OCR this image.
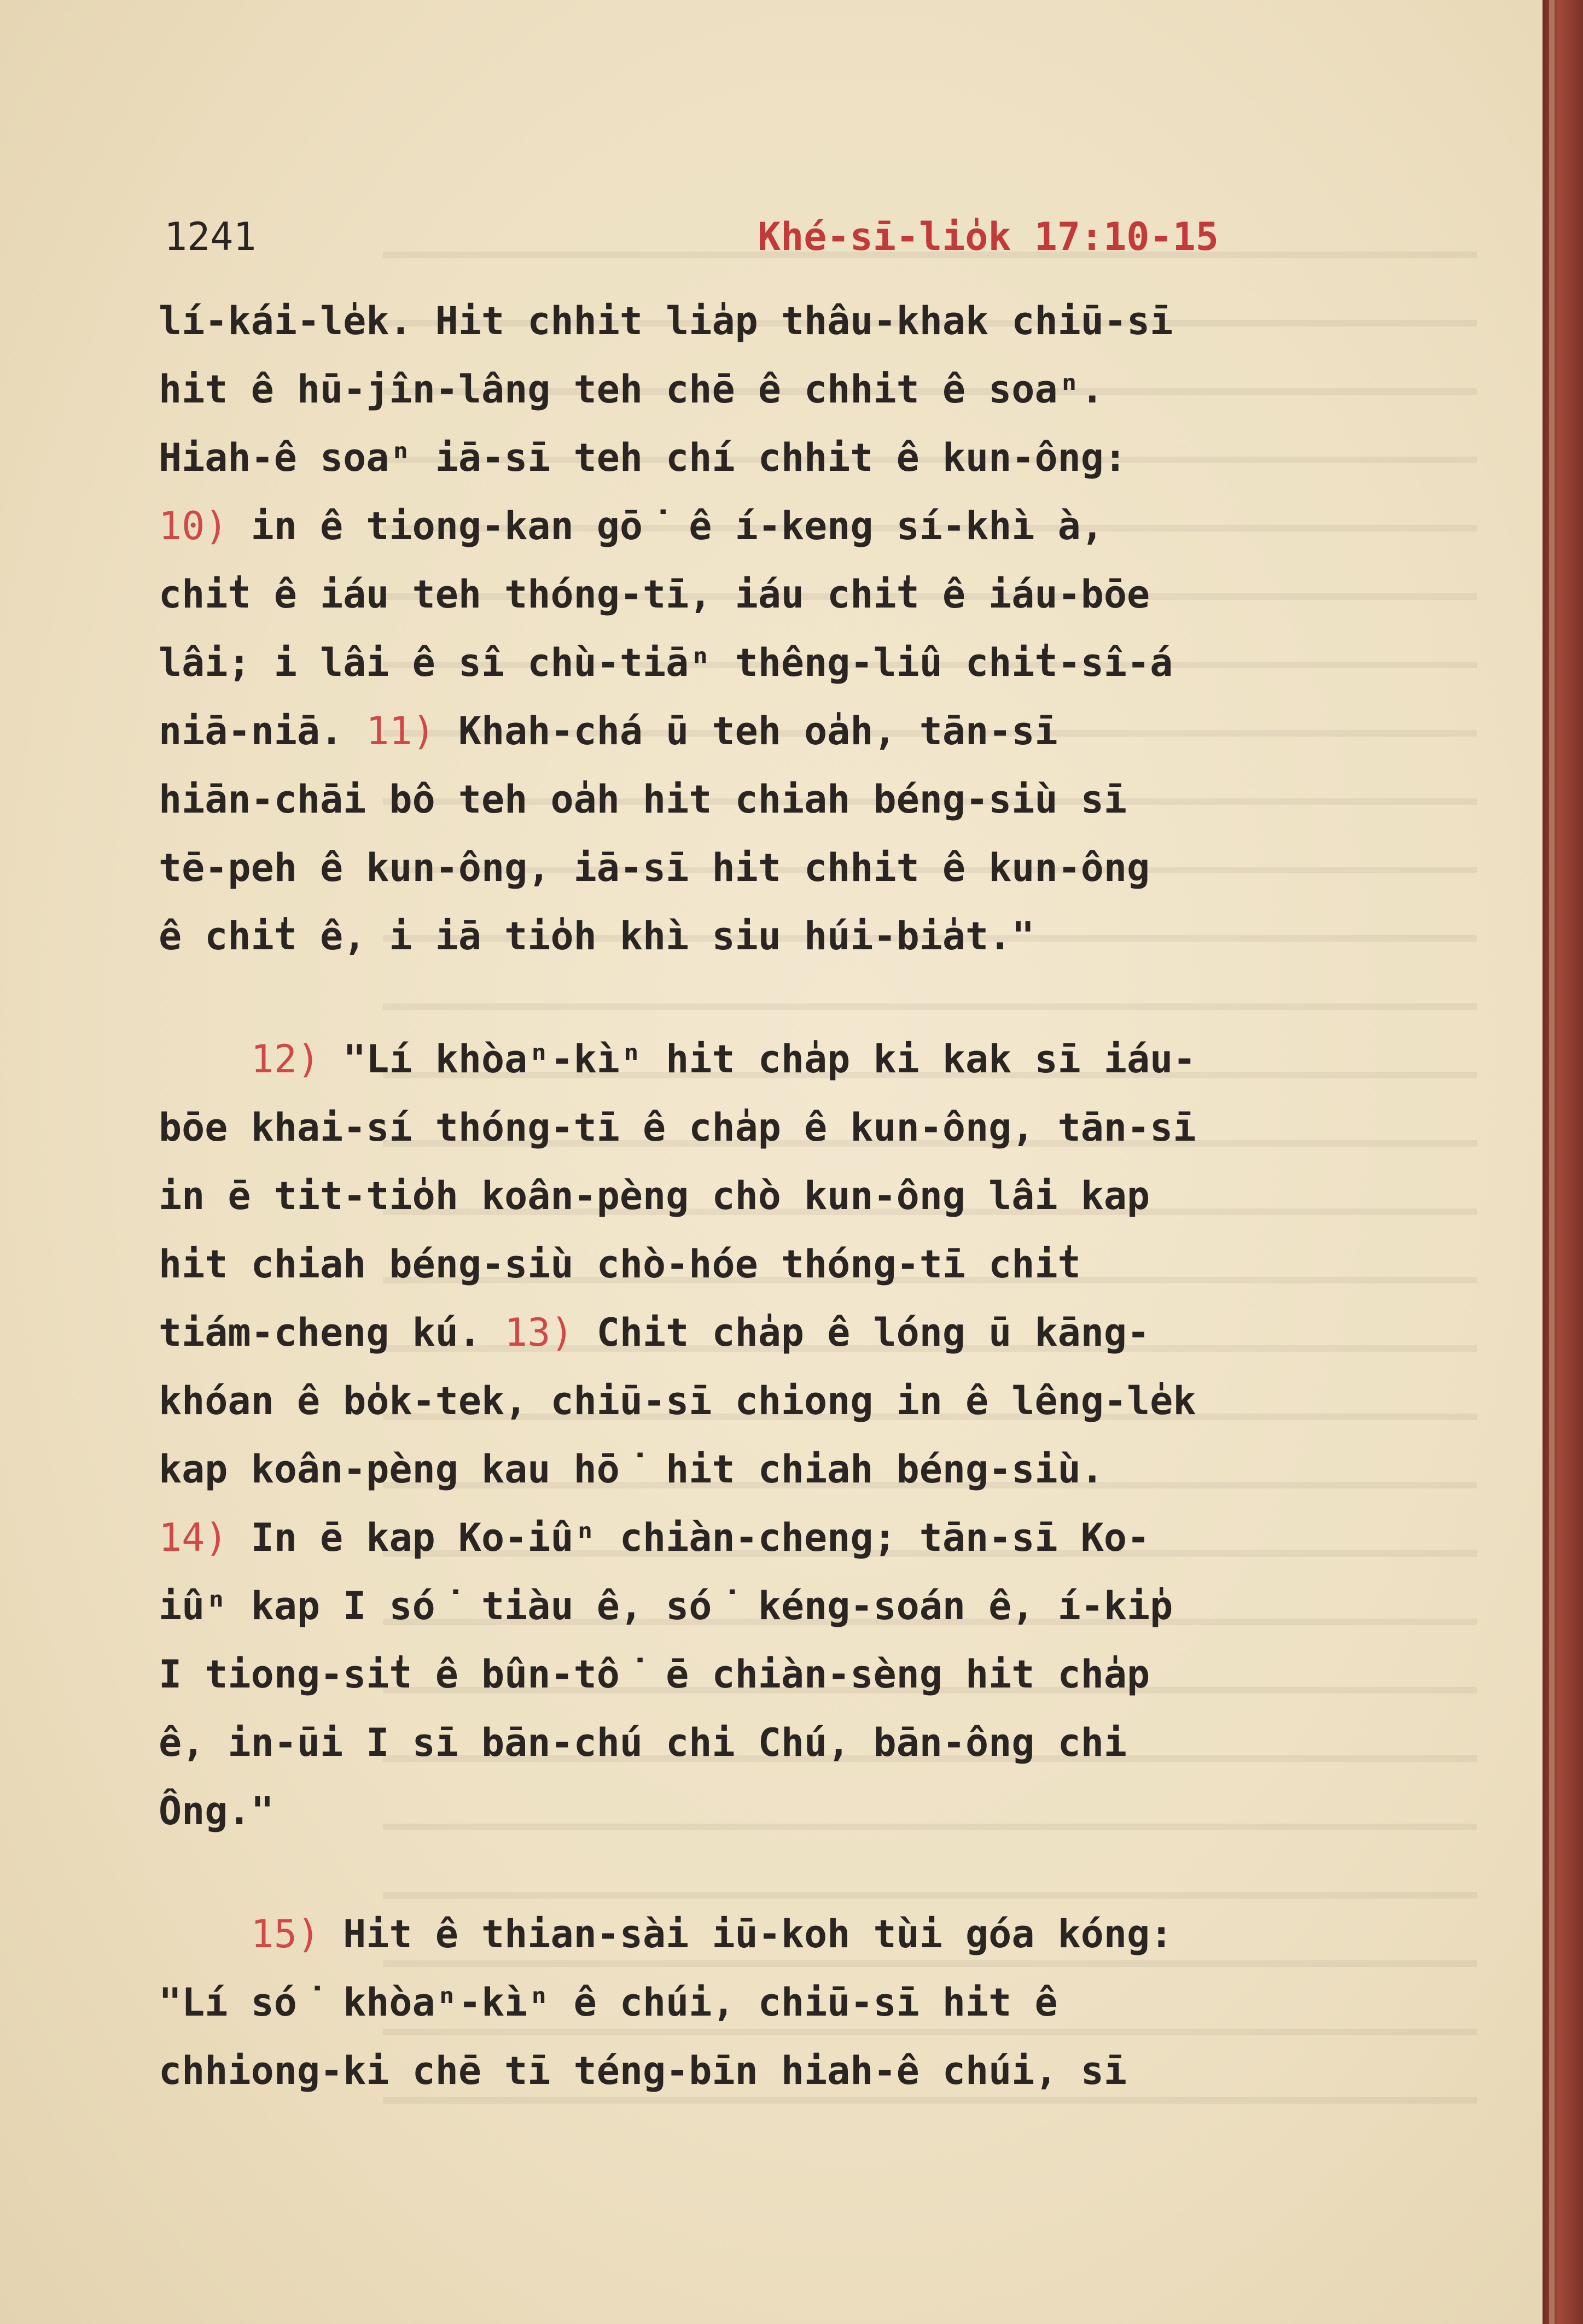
1241	Khé-sī-lio̍k 17:10-15
lí-kái-le̍k. Hit chhit lia̍p thâu-khak chiū-sī
hit ê hū-jîn-lâng teh chē ê chhit ê soaⁿ.
Hiah-ê soaⁿ iā-sī teh chí chhit ê kun-ông:
10) in ê tiong-kan gō͘ ê í-keng sí-khì à,
chi̍t ê iáu teh thóng-tī, iáu chi̍t ê iáu-bōe
lâi; i lâi ê sî chù-tiāⁿ thêng-liû chi̍t-sî-á
niā-niā. 11) Khah-chá ū teh oa̍h, tān-sī
hiān-chāi bô teh oa̍h hit chiah béng-siù sī
tē-peh ê kun-ông, iā-sī hit chhit ê kun-ông
ê chi̍t ê, i iā tio̍h khì siu húi-bia̍t."
12) "Lí khòaⁿ-kìⁿ hit cha̍p ki kak sī iáu-
bōe khai-sí thóng-tī ê cha̍p ê kun-ông, tān-sī
in ē tit-tio̍h koân-pèng chò kun-ông lâi kap
hit chiah béng-siù chò-hóe thóng-tī chi̍t
tiám-cheng kú. 13) Chit cha̍p ê lóng ū kāng-
khóan ê bo̍k-tek, chiū-sī chiong in ê lêng-le̍k
kap koân-pèng kau hō͘ hit chiah béng-siù.
14) In ē kap Ko-iûⁿ chiàn-cheng; tān-sī Ko-
iûⁿ kap I só͘ tiàu ê, só͘ kéng-soán ê, í-ki̍p
I tiong-si̍t ê bûn-tô͘ ē chiàn-sèng hit cha̍p
ê, in-ūi I sī bān-chú chi Chú, bān-ông chi
Ông."
15) Hit ê thian-sài iū-koh tùi góa kóng:
"Lí só͘ khòaⁿ-kìⁿ ê chúi, chiū-sī hit ê
chhiong-ki chē tī téng-bīn hiah-ê chúi, sī
